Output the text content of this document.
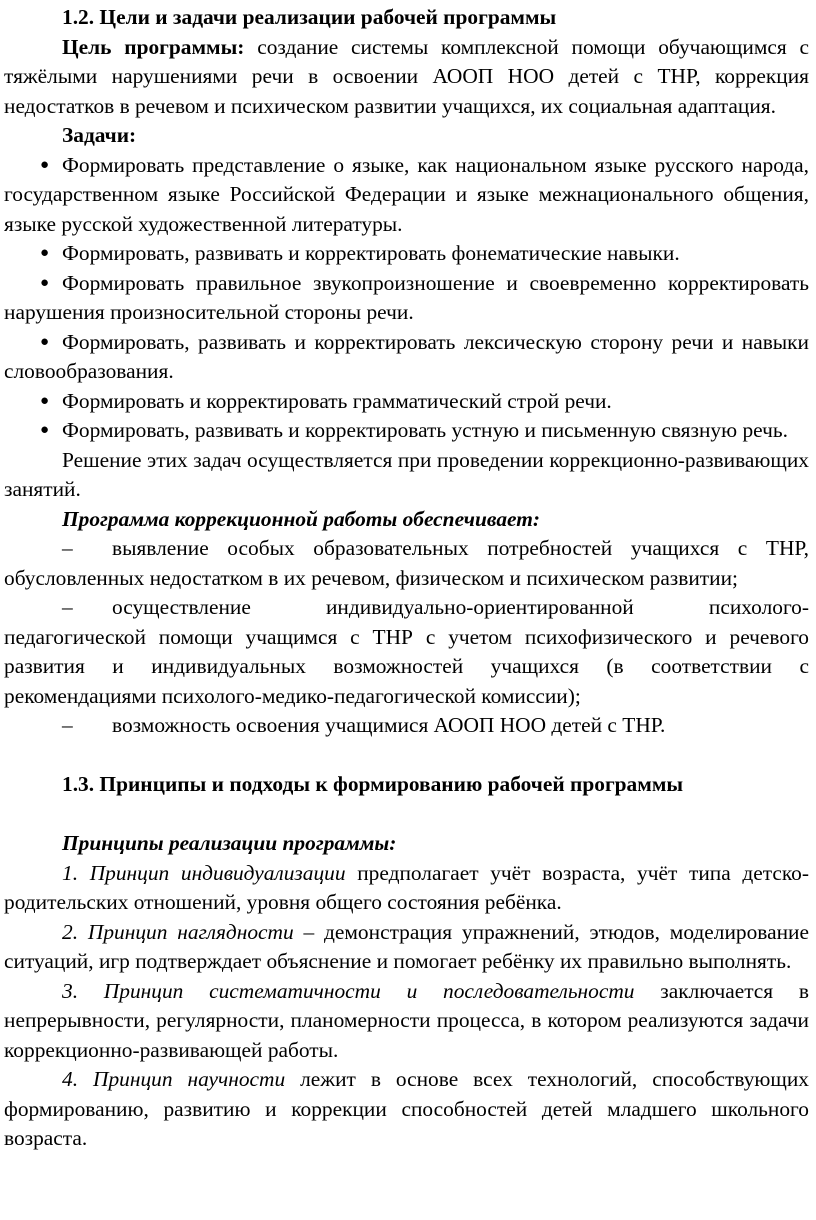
1.2. Цели и задачи реализации рабочей программы

Цель программы: создание системы комплексной помощи обучающимся с тяжёлыми нарушениями речи в освоении АООП НОО детей с ТНР, коррекция недостатков в речевом и психическом развитии учащихся, их социальная адаптация.

Задачи:

● Формировать представление о языке, как национальном языке русского народа, государственном языке Российской Федерации и языке межнационального общения, языке русской художественной литературы.

● Формировать, развивать и корректировать фонематические навыки.

● Формировать правильное звукопроизношение и своевременно корректировать нарушения произносительной стороны речи.

● Формировать, развивать и корректировать лексическую сторону речи и навыки словообразования.

● Формировать и корректировать грамматический строй речи.

● Формировать, развивать и корректировать устную и письменную связную речь.

Решение этих задач осуществляется при проведении коррекционно-развивающих занятий.

Программа коррекционной работы обеспечивает:

– выявление особых образовательных потребностей учащихся с ТНР, обусловленных недостатком в их речевом, физическом и психическом развитии;

– осуществление индивидуально-ориентированной психолого-педагогической помощи учащимся с ТНР с учетом психофизического и речевого развития и индивидуальных возможностей учащихся (в соответствии с рекомендациями психолого-медико-педагогической комиссии);

– возможность освоения учащимися АООП НОО детей с ТНР.

1.3. Принципы и подходы к формированию рабочей программы

Принципы реализации программы:

1. Принцип индивидуализации предполагает учёт возраста, учёт типа детско-родительских отношений, уровня общего состояния ребёнка.

2. Принцип наглядности – демонстрация упражнений, этюдов, моделирование ситуаций, игр подтверждает объяснение и помогает ребёнку их правильно выполнять.

3. Принцип систематичности и последовательности заключается в непрерывности, регулярности, планомерности процесса, в котором реализуются задачи коррекционно-развивающей работы.

4. Принцип научности лежит в основе всех технологий, способствующих формированию, развитию и коррекции способностей детей младшего школьного возраста.
